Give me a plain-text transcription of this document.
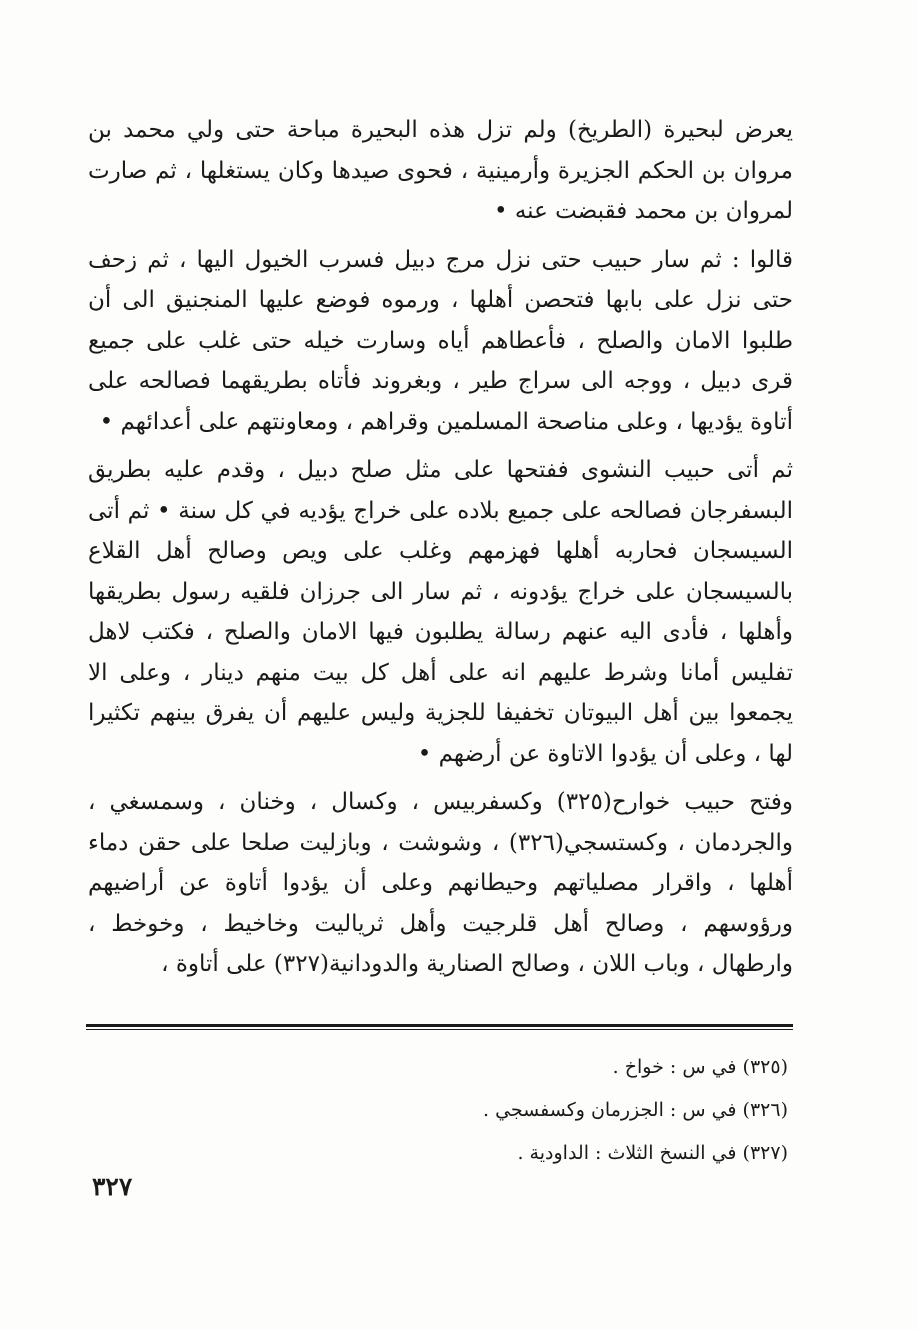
يعرض لبحيرة (الطريخ) ولم تزل هذه البحيرة مباحة حتى ولي محمد بن مروان بن الحكم الجزيرة وأرمينية ، فحوى صيدها وكان يستغلها ، ثم صارت لمروان بن محمد فقبضت عنه •

قالوا : ثم سار حبيب حتى نزل مرج دبيل فسرب الخيول اليها ، ثم زحف حتى نزل على بابها فتحصن أهلها ، ورموه فوضع عليها المنجنيق الى أن طلبوا الامان والصلح ، فأعطاهم أياه وسارت خيله حتى غلب على جميع قرى دبيل ، ووجه الى سراج طير ، وبغروند فأتاه بطريقهما فصالحه على أتاوة يؤديها ، وعلى مناصحة المسلمين وقراهم ، ومعاونتهم على أعدائهم •

ثم أتى حبيب النشوى ففتحها على مثل صلح دبيل ، وقدم عليه بطريق البسفرجان فصالحه على جميع بلاده على خراج يؤديه في كل سنة • ثم أتى السيسجان فحاربه أهلها فهزمهم وغلب على ويص وصالح أهل القلاع بالسيسجان على خراج يؤدونه ، ثم سار الى جرزان فلقيه رسول بطريقها وأهلها ، فأدى اليه عنهم رسالة يطلبون فيها الامان والصلح ، فكتب لاهل تفليس أمانا وشرط عليهم انه على أهل كل بيت منهم دينار ، وعلى الا يجمعوا بين أهل البيوتان تخفيفا للجزية وليس عليهم أن يفرق بينهم تكثيرا لها ، وعلى أن يؤدوا الاتاوة عن أرضهم •

وفتح حبيب خوارح(٣٢٥) وكسفربيس ، وكسال ، وخنان ، وسمسغي ، والجردمان ، وكستسجي(٣٢٦) ، وشوشت ، وبازليت صلحا على حقن دماء أهلها ، واقرار مصلياتهم وحيطانهم وعلى أن يؤدوا أتاوة عن أراضيهم ورؤوسهم ، وصالح أهل قلرجيت وأهل ثرياليت وخاخيط ، وخوخط ، وارطهال ، وباب اللان ، وصالح الصنارية والدودانية(٣٢٧) على أتاوة ،

(٣٢٥) في س : خواخ .

(٣٢٦) في س : الجزرمان وكسفسجي .

(٣٢٧) في النسخ الثلاث : الداودية .

٣٢٧
